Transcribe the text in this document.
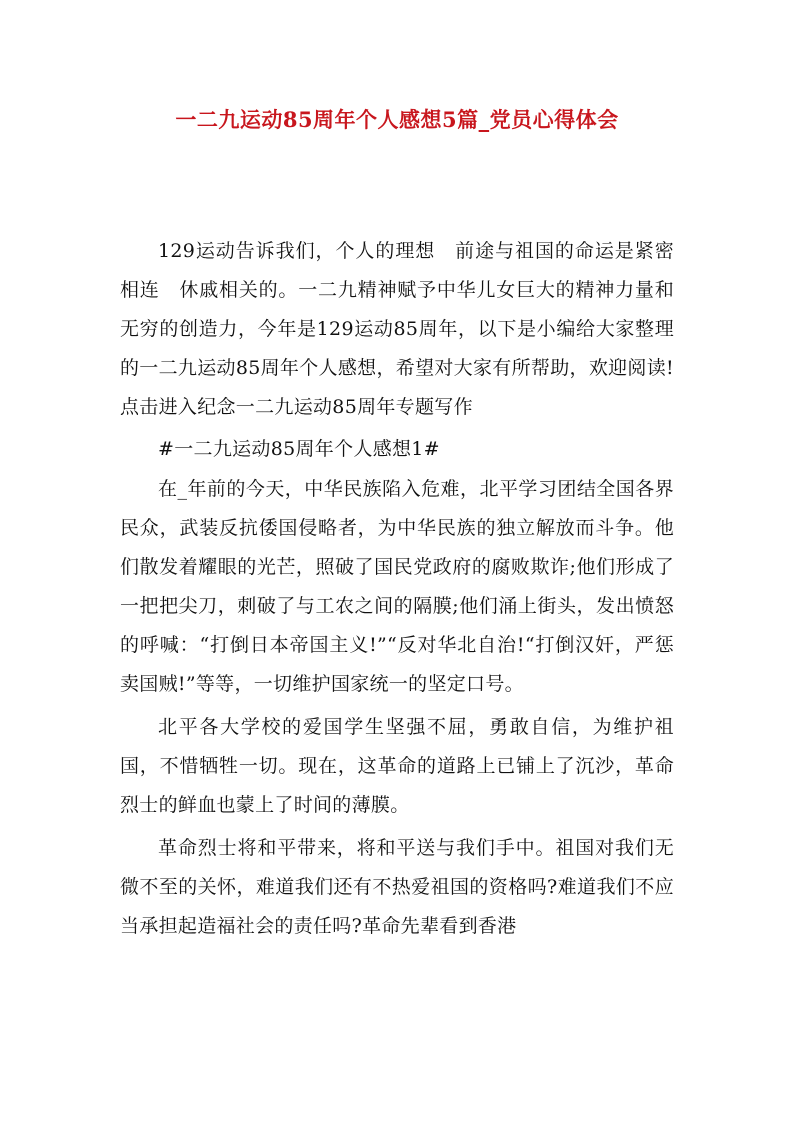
一二九运动85周年个人感想5篇_党员心得体会

129运动告诉我们，个人的理想　前途与祖国的命运是紧密相连　休戚相关的。一二九精神赋予中华儿女巨大的精神力量和无穷的创造力，今年是129运动85周年，以下是小编给大家整理的一二九运动85周年个人感想，希望对大家有所帮助，欢迎阅读!点击进入纪念一二九运动85周年专题写作

#一二九运动85周年个人感想1#

在_年前的今天，中华民族陷入危难，北平学习团结全国各界民众，武装反抗倭国侵略者，为中华民族的独立解放而斗争。他们散发着耀眼的光芒，照破了国民党政府的腐败欺诈;他们形成了一把把尖刀，刺破了与工农之间的隔膜;他们涌上街头，发出愤怒的呼喊：“打倒日本帝国主义!”“反对华北自治!“打倒汉奸，严惩卖国贼!”等等，一切维护国家统一的坚定口号。

北平各大学校的爱国学生坚强不屈，勇敢自信，为维护祖国，不惜牺牲一切。现在，这革命的道路上已铺上了沉沙，革命烈士的鲜血也蒙上了时间的薄膜。

革命烈士将和平带来，将和平送与我们手中。祖国对我们无微不至的关怀，难道我们还有不热爱祖国的资格吗?难道我们不应当承担起造福社会的责任吗?革命先辈看到香港
